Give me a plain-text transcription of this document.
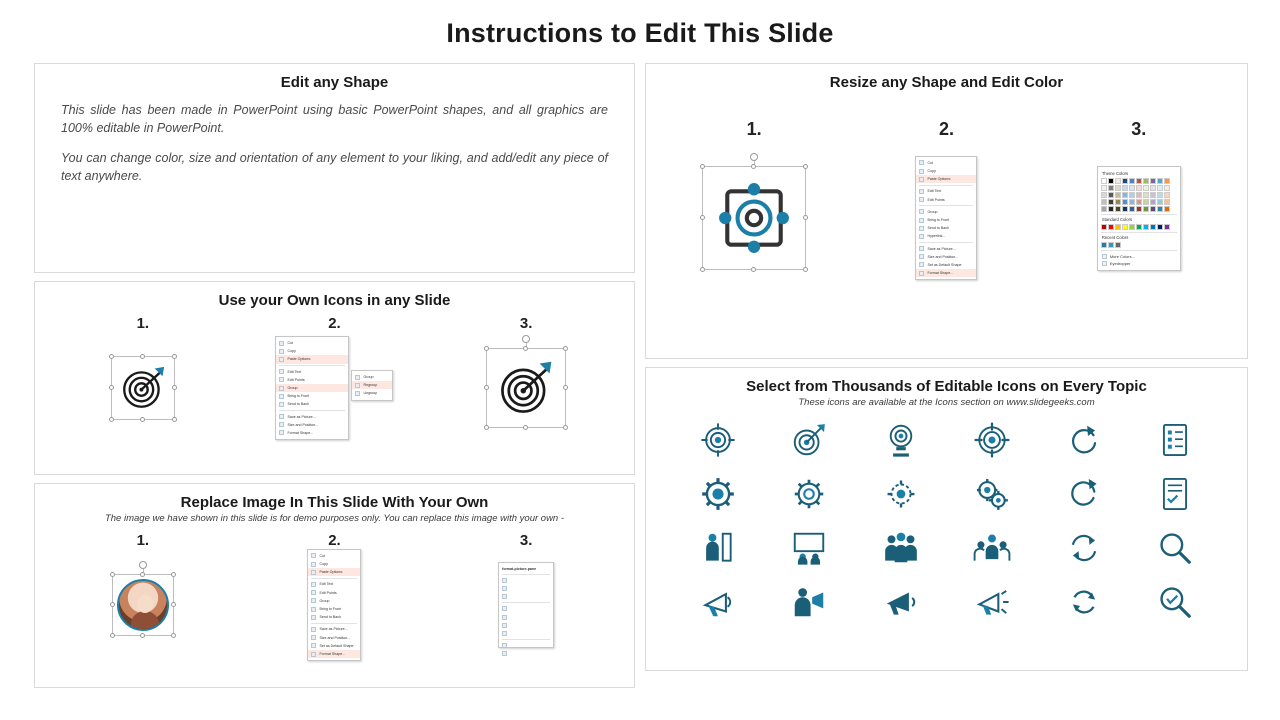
Instructions to Edit This Slide
Edit any Shape
This slide has been made in PowerPoint using basic PowerPoint shapes, and all graphics are 100% editable in PowerPoint.
You can change color, size and orientation of any element to your liking, and add/edit any piece of text anywhere.
Use your Own Icons in any Slide
1.	2.
Cut
Copy
Paste Options:
Edit Text
Edit Points
Group
Bring to Front
Send to Back
Save as Picture...
Size and Position...
Format Shape...
Group
Regroup
Ungroup
3.
Replace Image In This Slide With Your Own
The image we have shown in this slide is for demo purposes only. You can replace this image with your own -
1.	2.
Cut
Copy
Paste Options:
Edit Text
Edit Points
Group
Bring to Front
Send to Back
Save as Picture...
Size and Position...
Set as Default Shape
Format Shape...
3.
format-picture-pane

Resize any Shape and Edit Color
1.	2.
Cut
Copy
Paste Options:
Edit Text
Edit Points
Group
Bring to Front
Send to Back
Hyperlink...
Save as Picture...
Size and Position...
Set as Default Shape
Format Shape...
3.
Theme Colors
Standard Colors
Recent Colors
More Colors...
Eyedropper
Select from Thousands of Editable Icons on Every Topic
These icons are available at the Icons section on www.slidegeeks.com
